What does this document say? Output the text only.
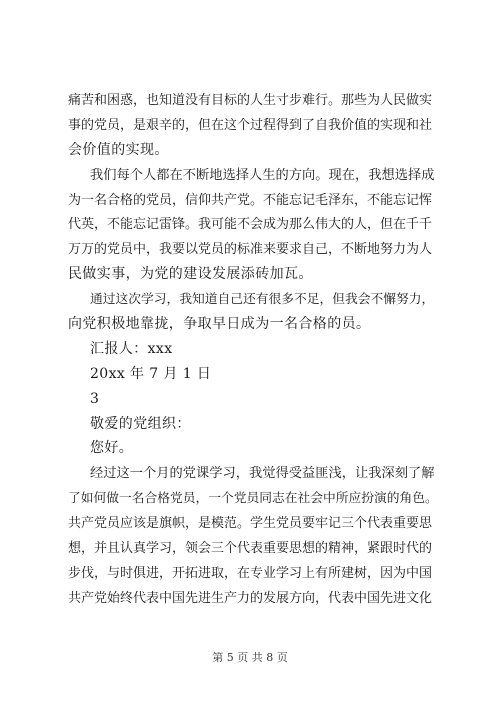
痛苦和困惑，也知道没有目标的人生寸步难行。那些为人民做实
事的党员，是艰辛的，但在这个过程得到了自我价值的实现和社
会价值的实现。
我们每个人都在不断地选择人生的方向。现在，我想选择成
为一名合格的党员，信仰共产党。不能忘记毛泽东，不能忘记恽
代英，不能忘记雷锋。我可能不会成为那么伟大的人，但在千千
万万的党员中，我要以党员的标准来要求自己，不断地努力为人
民做实事，为党的建设发展添砖加瓦。
通过这次学习，我知道自己还有很多不足，但我会不懈努力，
向党积极地靠拢，争取早日成为一名合格的员。
汇报人：xxx
20xx 年 7 月 1 日
3
敬爱的党组织：
您好。
经过这一个月的党课学习，我觉得受益匪浅，让我深刻了解
了如何做一名合格党员，一个党员同志在社会中所应扮演的角色。
共产党员应该是旗帜，是模范。学生党员要牢记三个代表重要思
想，并且认真学习，领会三个代表重要思想的精神，紧跟时代的
步伐，与时俱进，开拓进取，在专业学习上有所建树，因为中国
共产党始终代表中国先进生产力的发展方向，代表中国先进文化
第 5 页 共 8 页
